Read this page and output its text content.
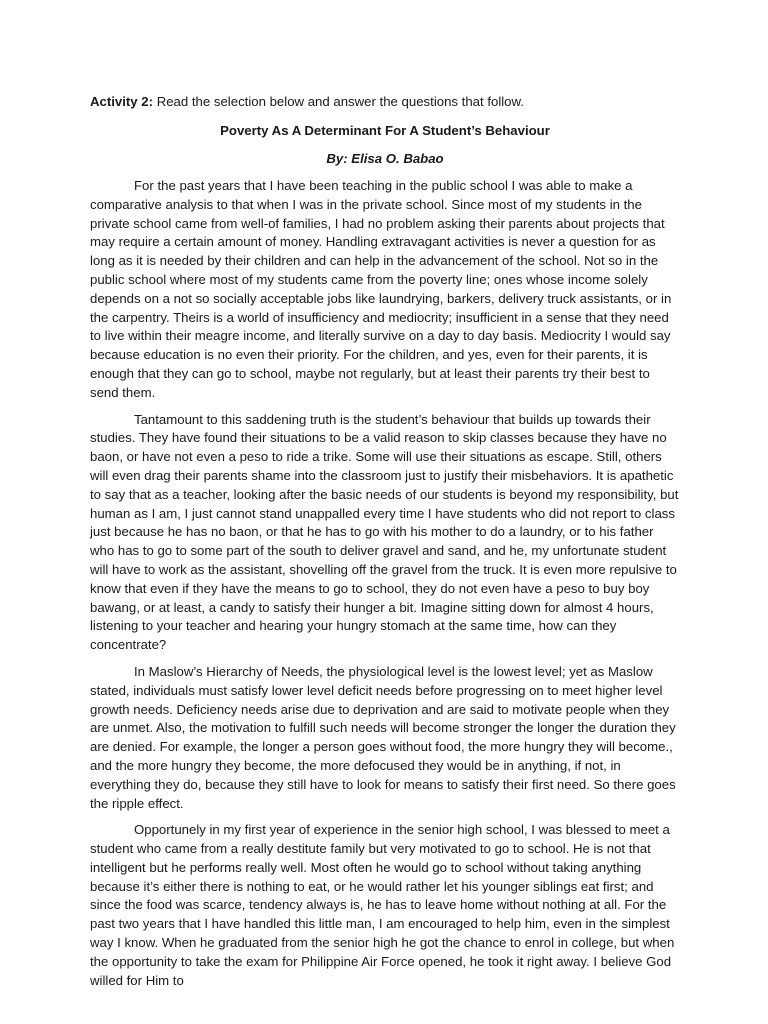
Activity 2: Read the selection below and answer the questions that follow.

Poverty As A Determinant For A Student’s Behaviour

By: Elisa O. Babao

For the past years that I have been teaching in the public school I was able to make a comparative analysis to that when I was in the private school. Since most of my students in the private school came from well-of families, I had no problem asking their parents about projects that may require a certain amount of money. Handling extravagant activities is never a question for as long as it is needed by their children and can help in the advancement of the school. Not so in the public school where most of my students came from the poverty line; ones whose income solely depends on a not so socially acceptable jobs like laundrying, barkers, delivery truck assistants, or in the carpentry. Theirs is a world of insufficiency and mediocrity; insufficient in a sense that they need to live within their meagre income, and literally survive on a day to day basis. Mediocrity I would say because education is no even their priority. For the children, and yes, even for their parents, it is enough that they can go to school, maybe not regularly, but at least their parents try their best to send them.

Tantamount to this saddening truth is the student’s behaviour that builds up towards their studies. They have found their situations to be a valid reason to skip classes because they have no baon, or have not even a peso to ride a trike. Some will use their situations as escape. Still, others will even drag their parents shame into the classroom just to justify their misbehaviors. It is apathetic to say that as a teacher, looking after the basic needs of our students is beyond my responsibility, but human as I am, I just cannot stand unappalled every time I have students who did not report to class just because he has no baon, or that he has to go with his mother to do a laundry, or to his father who has to go to some part of the south to deliver gravel and sand, and he, my unfortunate student will have to work as the assistant, shovelling off the gravel from the truck. It is even more repulsive to know that even if they have the means to go to school, they do not even have a peso to buy boy bawang, or at least, a candy to satisfy their hunger a bit. Imagine sitting down for almost 4 hours, listening to your teacher and hearing your hungry stomach at the same time, how can they concentrate?

In Maslow’s Hierarchy of Needs, the physiological level is the lowest level; yet as Maslow stated, individuals must satisfy lower level deficit needs before progressing on to meet higher level growth needs. Deficiency needs arise due to deprivation and are said to motivate people when they are unmet. Also, the motivation to fulfill such needs will become stronger the longer the duration they are denied. For example, the longer a person goes without food, the more hungry they will become., and the more hungry they become, the more defocused they would be in anything, if not, in everything they do, because they still have to look for means to satisfy their first need. So there goes the ripple effect.

Opportunely in my first year of experience in the senior high school, I was blessed to meet a student who came from a really destitute family but very motivated to go to school. He is not that intelligent but he performs really well. Most often he would go to school without taking anything because it’s either there is nothing to eat, or he would rather let his younger siblings eat first; and since the food was scarce, tendency always is, he has to leave home without nothing at all. For the past two years that I have handled this little man, I am encouraged to help him, even in the simplest way I know. When he graduated from the senior high he got the chance to enrol in college, but when the opportunity to take the exam for Philippine Air Force opened, he took it right away. I believe God willed for Him to
